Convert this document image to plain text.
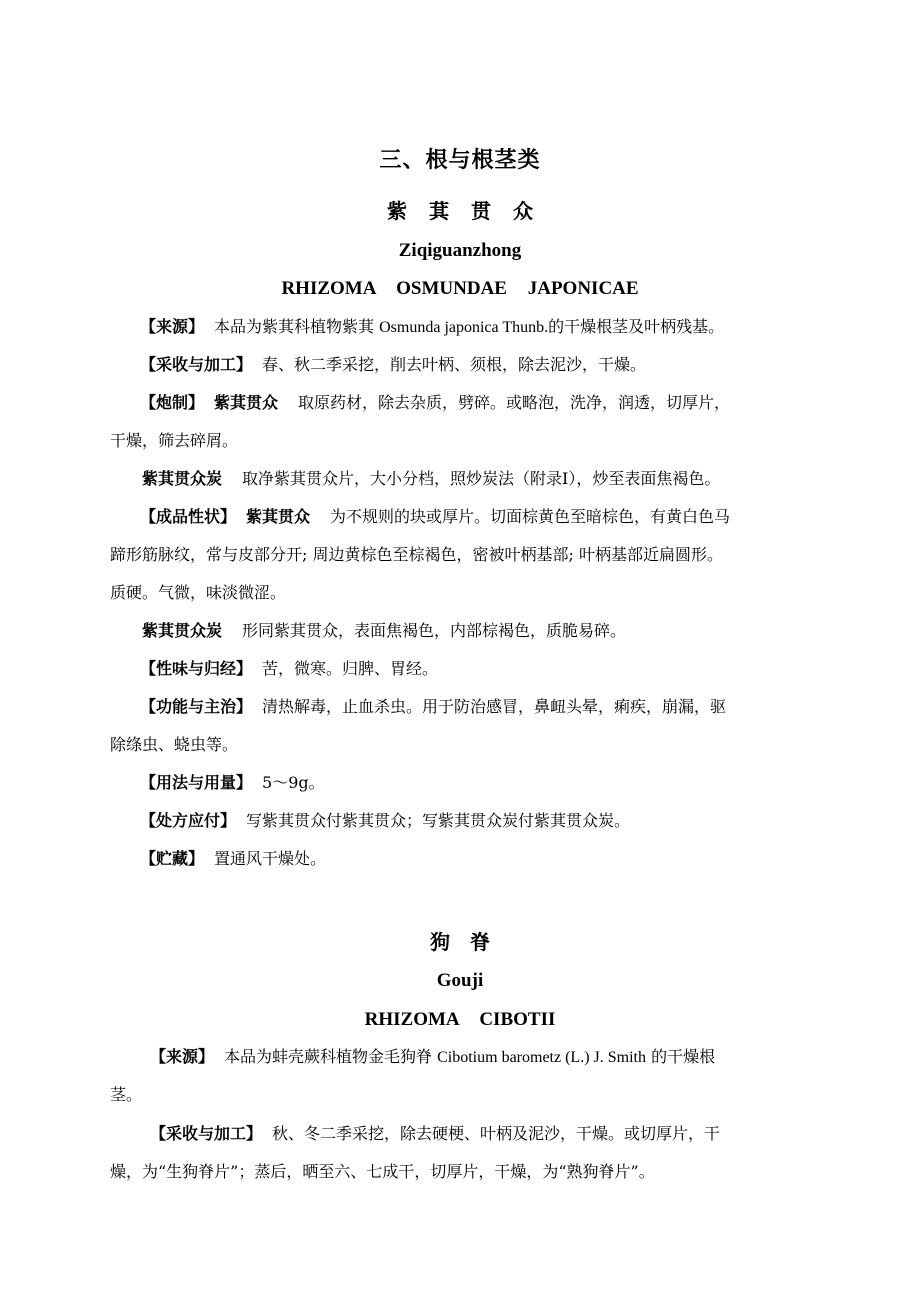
三、根与根茎类
紫萁贯众
Ziqiguanzhong
RHIZOMA OSMUNDAE JAPONICAE
【来源】 本品为紫萁科植物紫萁 Osmunda japonica Thunb.的干燥根茎及叶柄残基。
【采收与加工】 春、秋二季采挖，削去叶柄、须根，除去泥沙，干燥。
【炮制】 紫萁贯众 取原药材，除去杂质，劈碎。或略泡，洗净，润透，切厚片，
干燥，筛去碎屑。
紫萁贯众炭 取净紫萁贯众片，大小分档，照炒炭法（附录Ⅰ），炒至表面焦褐色。
【成品性状】 紫萁贯众 为不规则的块或厚片。切面棕黄色至暗棕色，有黄白色马
蹄形筋脉纹，常与皮部分开; 周边黄棕色至棕褐色，密被叶柄基部; 叶柄基部近扁圆形。
质硬。气微，味淡微涩。
紫萁贯众炭 形同紫萁贯众，表面焦褐色，内部棕褐色，质脆易碎。
【性味与归经】 苦，微寒。归脾、胃经。
【功能与主治】 清热解毒，止血杀虫。用于防治感冒，鼻衄头晕，痢疾，崩漏，驱
除绦虫、蛲虫等。
【用法与用量】 5～9g。
【处方应付】 写紫萁贯众付紫萁贯众；写紫萁贯众炭付紫萁贯众炭。
【贮藏】 置通风干燥处。
狗脊
Gouji
RHIZOMA CIBOTII
【来源】 本品为蚌壳蕨科植物金毛狗脊 Cibotium barometz (L.) J. Smith 的干燥根
茎。
【采收与加工】 秋、冬二季采挖，除去硬梗、叶柄及泥沙，干燥。或切厚片，干
燥，为“生狗脊片”；蒸后，晒至六、七成干，切厚片，干燥，为“熟狗脊片”。
